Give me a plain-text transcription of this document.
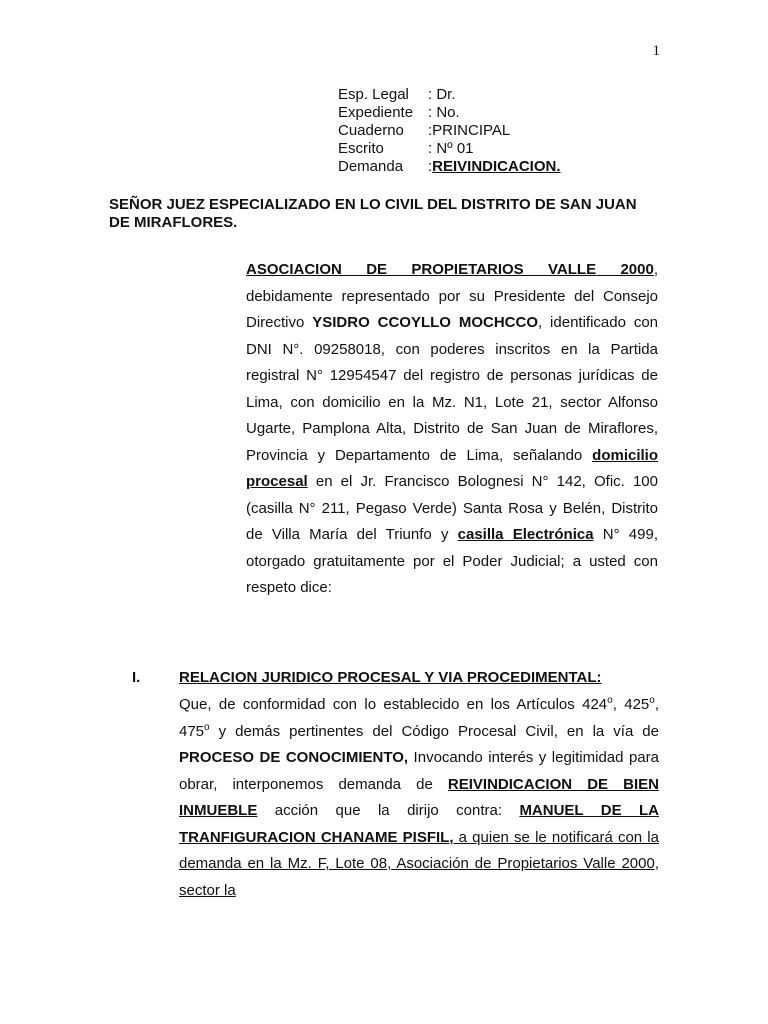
1
Esp. Legal	: Dr.
Expediente : No.
Cuaderno	: PRINCIPAL
Escrito	: Nº 01
Demanda	: REIVINDICACION.
SEÑOR JUEZ ESPECIALIZADO EN LO CIVIL DEL DISTRITO DE SAN JUAN DE MIRAFLORES.

ASOCIACION DE PROPIETARIOS VALLE 2000, debidamente representado por su Presidente del Consejo Directivo YSIDRO CCOYLLO MOCHCCO, identificado con DNI N°. 09258018, con poderes inscritos en la Partida registral N° 12954547 del registro de personas jurídicas de Lima, con domicilio en la Mz. N1, Lote 21, sector Alfonso Ugarte, Pamplona Alta, Distrito de San Juan de Miraflores, Provincia y Departamento de Lima, señalando domicilio procesal en el Jr. Francisco Bolognesi N° 142, Ofic. 100 (casilla N° 211, Pegaso Verde) Santa Rosa y Belén, Distrito de Villa María del Triunfo y casilla Electrónica N° 499, otorgado gratuitamente por el Poder Judicial; a usted con respeto dice:

I.	RELACION JURIDICO PROCESAL Y VIA PROCEDIMENTAL:

Que, de conformidad con lo establecido en los Artículos 424$^o$, 425$^o$, 475$^o$ y demás pertinentes del Código Procesal Civil, en la vía de PROCESO DE CONOCIMIENTO, Invocando interés y legitimidad para obrar, interponemos demanda de REIVINDICACION DE BIEN INMUEBLE acción que la dirijo contra: MANUEL DE LA TRANFIGURACION CHANAME PISFIL, a quien se le notificará con la demanda en la Mz. F, Lote 08, Asociación de Propietarios Valle 2000, sector la
